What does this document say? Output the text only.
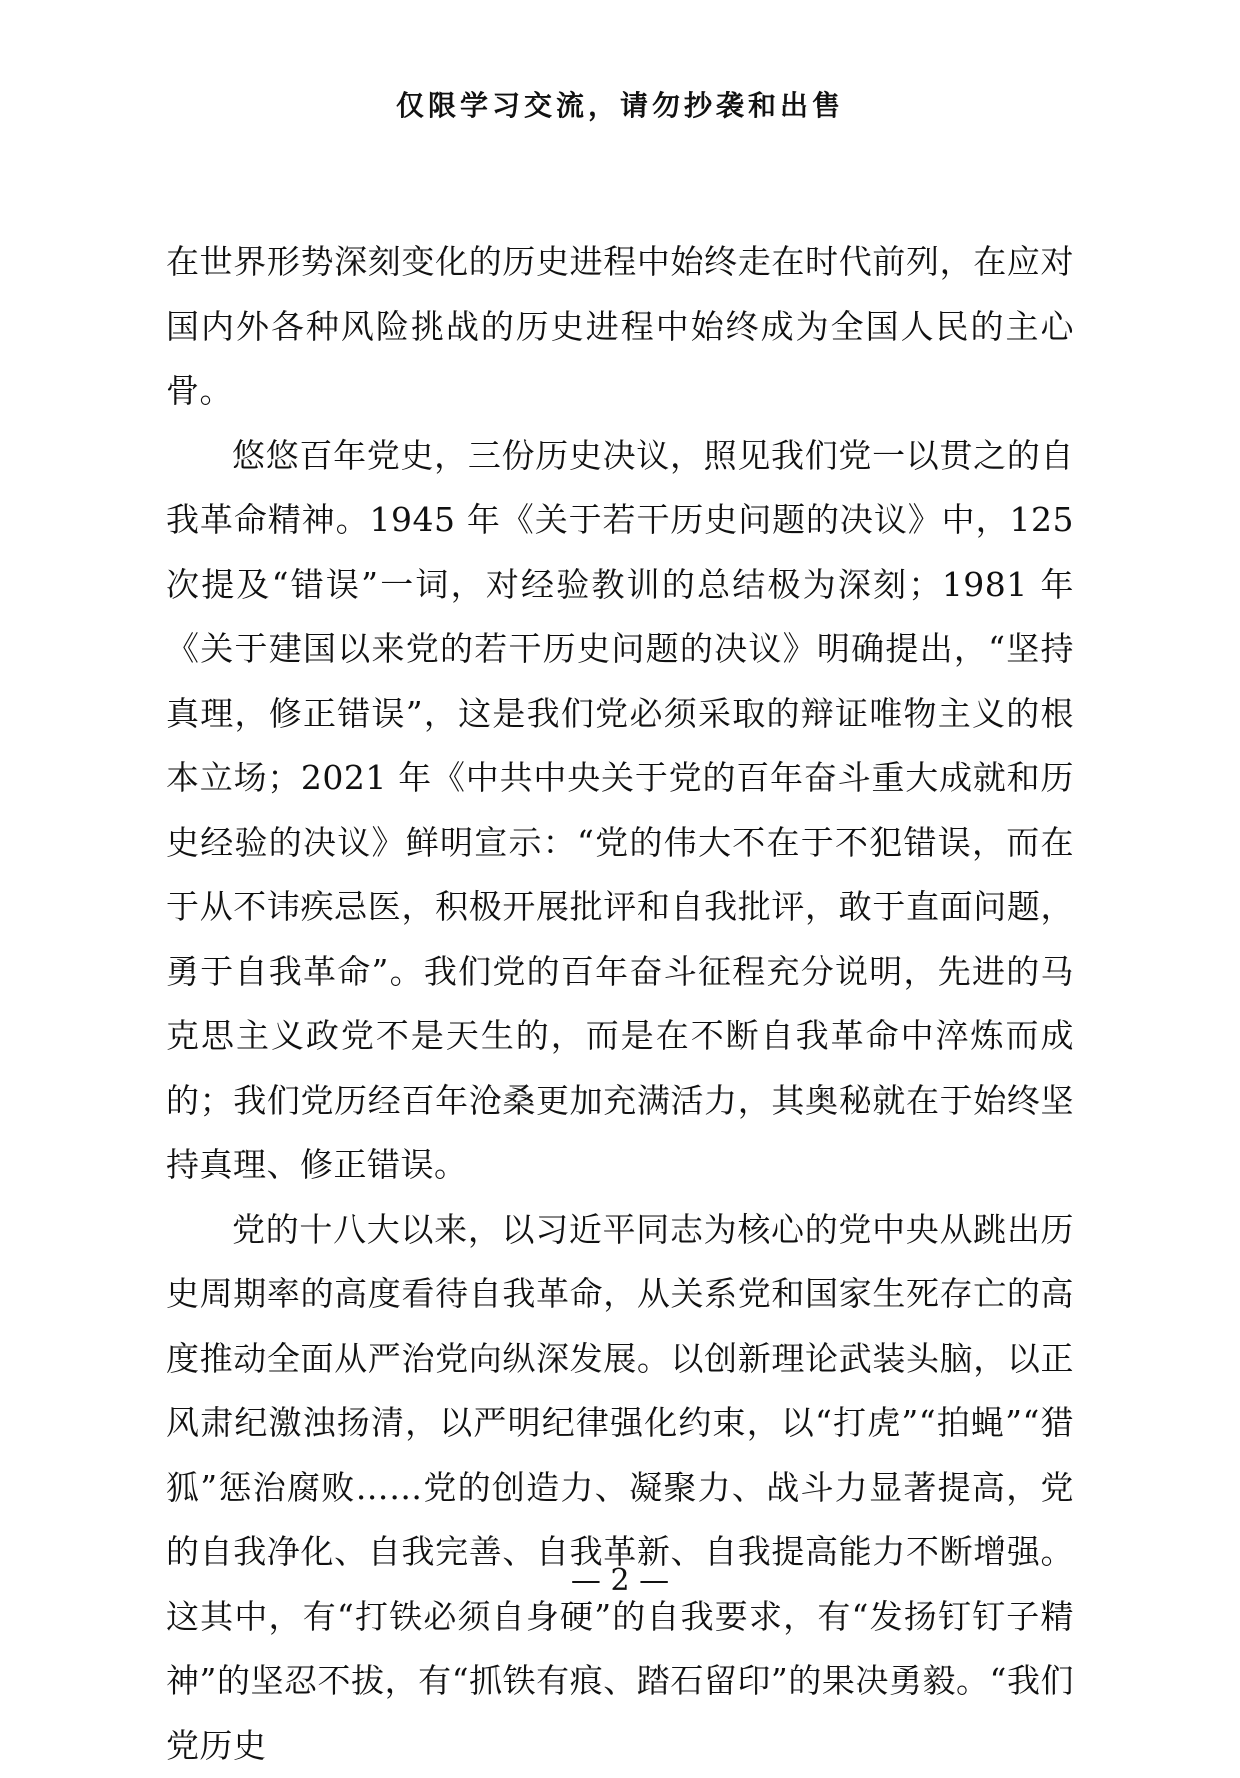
仅限学习交流，请勿抄袭和出售

在世界形势深刻变化的历史进程中始终走在时代前列，在应对国内外各种风险挑战的历史进程中始终成为全国人民的主心骨。

悠悠百年党史，三份历史决议，照见我们党一以贯之的自我革命精神。1945 年《关于若干历史问题的决议》中，125 次提及“错误”一词，对经验教训的总结极为深刻；1981 年《关于建国以来党的若干历史问题的决议》明确提出，“坚持真理，修正错误”，这是我们党必须采取的辩证唯物主义的根本立场；2021 年《中共中央关于党的百年奋斗重大成就和历史经验的决议》鲜明宣示：“党的伟大不在于不犯错误，而在于从不讳疾忌医，积极开展批评和自我批评，敢于直面问题，勇于自我革命”。我们党的百年奋斗征程充分说明，先进的马克思主义政党不是天生的，而是在不断自我革命中淬炼而成的；我们党历经百年沧桑更加充满活力，其奥秘就在于始终坚持真理、修正错误。

党的十八大以来，以习近平同志为核心的党中央从跳出历史周期率的高度看待自我革命，从关系党和国家生死存亡的高度推动全面从严治党向纵深发展。以创新理论武装头脑，以正风肃纪激浊扬清，以严明纪律强化约束，以“打虎”“拍蝇”“猎狐”惩治腐败……党的创造力、凝聚力、战斗力显著提高，党的自我净化、自我完善、自我革新、自我提高能力不断增强。这其中，有“打铁必须自身硬”的自我要求，有“发扬钉钉子精神”的坚忍不拔，有“抓铁有痕、踏石留印”的果决勇毅。“我们党历史

— 2 —
